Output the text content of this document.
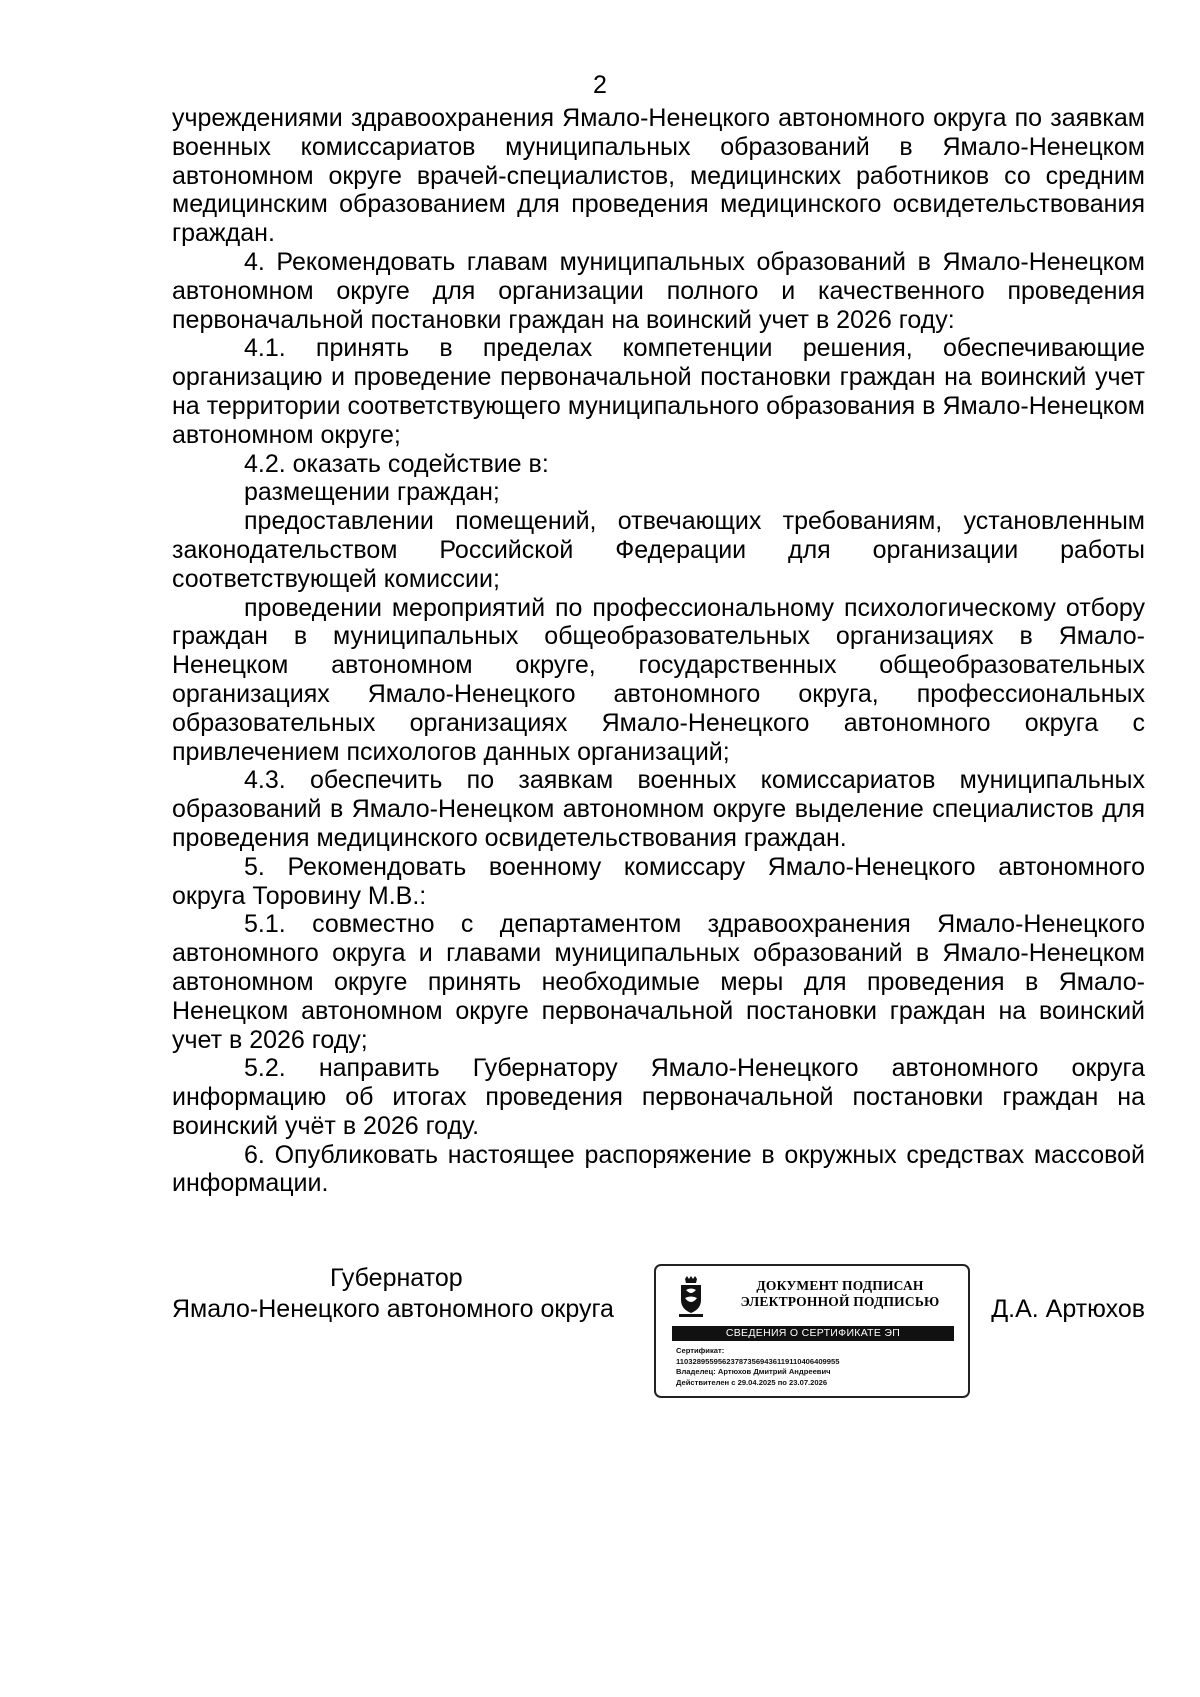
2

учреждениями здравоохранения Ямало-Ненецкого автономного округа по заявкам военных комиссариатов муниципальных образований в Ямало-Ненецком автономном округе врачей-специалистов, медицинских работников со средним медицинским образованием для проведения медицинского освидетельствования граждан.

4. Рекомендовать главам муниципальных образований в Ямало-Ненецком автономном округе для организации полного и качественного проведения первоначальной постановки граждан на воинский учет в 2026 году:

4.1. принять в пределах компетенции решения, обеспечивающие организацию и проведение первоначальной постановки граждан на воинский учет на территории соответствующего муниципального образования в Ямало-Ненецком автономном округе;

4.2. оказать содействие в:

размещении граждан;

предоставлении помещений, отвечающих требованиям, установленным законодательством Российской Федерации для организации работы соответствующей комиссии;

проведении мероприятий по профессиональному психологическому отбору граждан в муниципальных общеобразовательных организациях в Ямало-Ненецком автономном округе, государственных общеобразовательных организациях Ямало-Ненецкого автономного округа, профессиональных образовательных организациях Ямало-Ненецкого автономного округа с привлечением психологов данных организаций;

4.3. обеспечить по заявкам военных комиссариатов муниципальных образований в Ямало-Ненецком автономном округе выделение специалистов для проведения медицинского освидетельствования граждан.

5. Рекомендовать военному комиссару Ямало-Ненецкого автономного округа Торовину М.В.:

5.1. совместно с департаментом здравоохранения Ямало-Ненецкого автономного округа и главами муниципальных образований в Ямало-Ненецком автономном округе принять необходимые меры для проведения в Ямало-Ненецком автономном округе первоначальной постановки граждан на воинский учет в 2026 году;

5.2. направить Губернатору Ямало-Ненецкого автономного округа информацию об итогах проведения первоначальной постановки граждан на воинский учёт в 2026 году.

6. Опубликовать настоящее распоряжение в окружных средствах массовой информации.

Губернатор
Ямало-Ненецкого автономного округа	Д.А. Артюхов
ДОКУМЕНТ ПОДПИСАН
ЭЛЕКТРОННОЙ ПОДПИСЬЮ
СВЕДЕНИЯ О СЕРТИФИКАТЕ ЭП
Сертификат:
11032895595623787356943611911040640995​5
Владелец: Артюхов Дмитрий Андреевич
Действителен с 29.04.2025 по 23.07.2026
